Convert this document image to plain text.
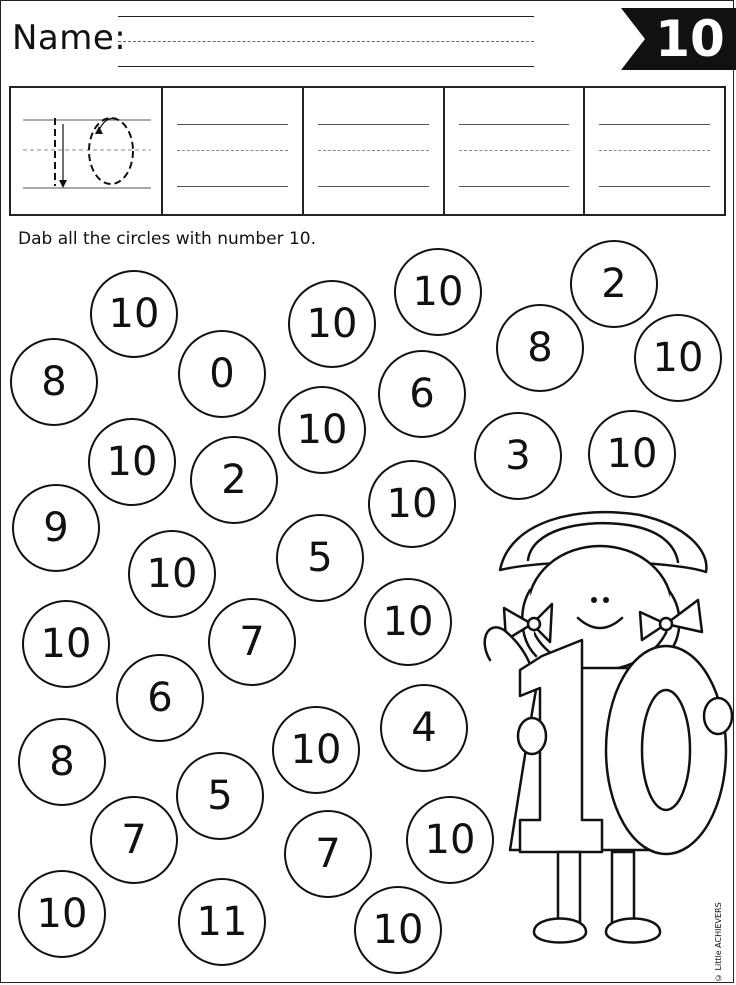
Name:	10
Dab all the circles with number 10.
10
8	0
10
10	2
8	10
6
10
3	10
10	2
9
10
10	5
10
7
10
6
8	10	4
5
7	10
7
10	11	10	© Little ACHIEVERS
